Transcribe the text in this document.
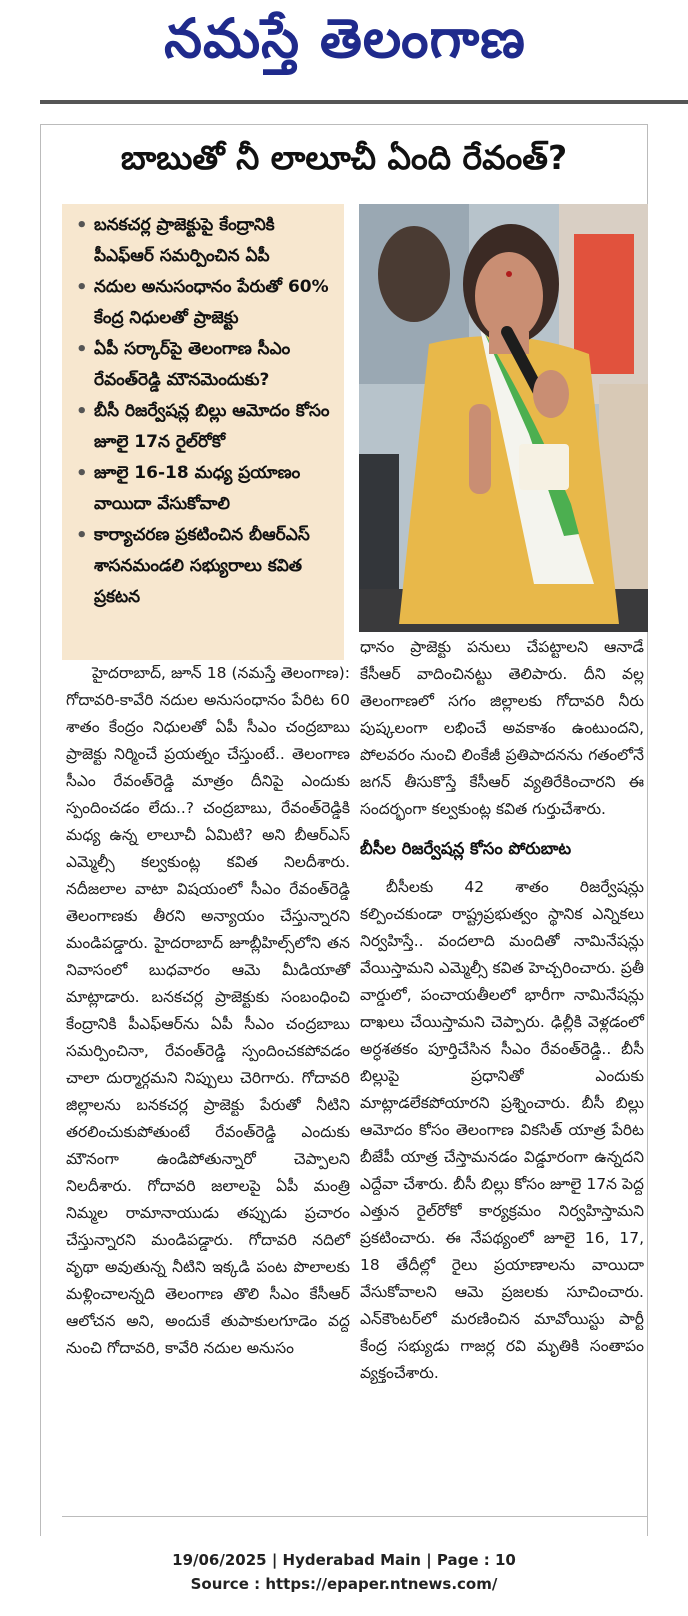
నమస్తే తెలంగాణ
బాబుతో నీ లాలూచీ ఏంది రేవంత్?
• బనకచర్ల ప్రాజెక్టుపై కేంద్రానికి పీఎఫ్ఆర్ సమర్పించిన ఏపీ
• నదుల అనుసంధానం పేరుతో 60% కేంద్ర నిధులతో ప్రాజెక్టు
• ఏపీ సర్కార్‌పై తెలంగాణ సీఎం రేవంత్‌రెడ్డి మౌనమెందుకు?
• బీసీ రిజర్వేషన్ల బిల్లు ఆమోదం కోసం జూలై 17న రైల్‌రోకో
• జూలై 16-18 మధ్య ప్రయాణం వాయిదా వేసుకోవాలి
• కార్యాచరణ ప్రకటించిన బీఆర్ఎస్ శాసనమండలి సభ్యురాలు కవిత ప్రకటన

హైదరాబాద్, జూన్ 18 (నమస్తే తెలంగాణ): గోదావరి-కావేరి నదుల అనుసంధానం పేరిట 60 శాతం కేంద్రం నిధులతో ఏపీ సీఎం చంద్రబాబు ప్రాజెక్టు నిర్మించే ప్రయత్నం చేస్తుంటే.. తెలంగాణ సీఎం రేవంత్‌రెడ్డి మాత్రం దీనిపై ఎందుకు స్పందించడం లేదు..? చంద్రబాబు, రేవంత్‌రెడ్డికి మధ్య ఉన్న లాలూచీ ఏమిటి? అని బీఆర్ఎస్ ఎమ్మెల్సీ కల్వకుంట్ల కవిత నిలదీశారు. నదీజలాల వాటా విషయంలో సీఎం రేవంత్‌రెడ్డి తెలంగాణకు తీరని అన్యాయం చేస్తున్నారని మండిపడ్డారు. హైదరాబాద్ జూబ్లీహిల్స్‌లోని తన నివాసంలో బుధవారం ఆమె మీడియాతో మాట్లాడారు. బనకచర్ల ప్రాజెక్టుకు సంబంధించి కేంద్రానికి పీఎఫ్ఆర్‌ను ఏపీ సీఎం చంద్రబాబు సమర్పించినా, రేవంత్‌రెడ్డి స్పందించకపోవడం చాలా దుర్మార్గమని నిప్పులు చెరిగారు. గోదావరి జిల్లాలను బనకచర్ల ప్రాజెక్టు పేరుతో నీటిని తరలించుకుపోతుంటే రేవంత్‌రెడ్డి ఎందుకు మౌనంగా ఉండిపోతున్నారో చెప్పాలని నిలదీశారు. గోదావరి జలాలపై ఏపీ మంత్రి నిమ్మల రామానాయుడు తప్పుడు ప్రచారం చేస్తున్నారని మండిపడ్డారు. గోదావరి నదిలో వృథా అవుతున్న నీటిని ఇక్కడి పంట పొలాలకు మళ్లించాలన్నది తెలంగాణ తొలి సీఎం కేసీఆర్ ఆలోచన అని, అందుకే తుపాకులగూడెం వద్ద నుంచి గోదావరి, కావేరి నదుల అనుసం

ధానం ప్రాజెక్టు పనులు చేపట్టాలని ఆనాడే కేసీఆర్ వాదించినట్టు తెలిపారు. దీని వల్ల తెలంగాణలో సగం జిల్లాలకు గోదావరి నీరు పుష్కలంగా లభించే అవకాశం ఉంటుందని, పోలవరం నుంచి లింకేజీ ప్రతిపాదనను గతంలోనే జగన్ తీసుకొస్తే కేసీఆర్ వ్యతిరేకించారని ఈ సందర్భంగా కల్వకుంట్ల కవిత గుర్తుచేశారు.

బీసీల రిజర్వేషన్ల కోసం పోరుబాట

బీసీలకు 42 శాతం రిజర్వేషన్లు కల్పించకుండా రాష్ట్రప్రభుత్వం స్థానిక ఎన్నికలు నిర్వహిస్తే.. వందలాది మందితో నామినేషన్లు వేయిస్తామని ఎమ్మెల్సీ కవిత హెచ్చరించారు. ప్రతీ వార్డులో, పంచాయతీలలో భారీగా నామినేషన్లు దాఖలు చేయిస్తామని చెప్పారు. ఢిల్లీకి వెళ్లడంలో అర్ధశతకం పూర్తిచేసిన సీఎం రేవంత్‌రెడ్డి.. బీసీ బిల్లుపై ప్రధానితో ఎందుకు మాట్లాడలేకపోయారని ప్రశ్నించారు. బీసీ బిల్లు ఆమోదం కోసం తెలంగాణ వికసిత్ యాత్ర పేరిట బీజేపీ యాత్ర చేస్తామనడం విడ్డూరంగా ఉన్నదని ఎద్దేవా చేశారు. బీసీ బిల్లు కోసం జూలై 17న పెద్ద ఎత్తున రైల్‌రోకో కార్యక్రమం నిర్వహిస్తామని ప్రకటించారు. ఈ నేపథ్యంలో జూలై 16, 17, 18 తేదీల్లో రైలు ప్రయాణాలను వాయిదా వేసుకోవాలని ఆమె ప్రజలకు సూచించారు. ఎన్‌కౌంటర్‌లో మరణించిన మావోయిస్టు పార్టీ కేంద్ర సభ్యుడు గాజర్ల రవి మృతికి సంతాపం వ్యక్తంచేశారు.

19/06/2025 | Hyderabad Main | Page : 10
Source : https://epaper.ntnews.com/
